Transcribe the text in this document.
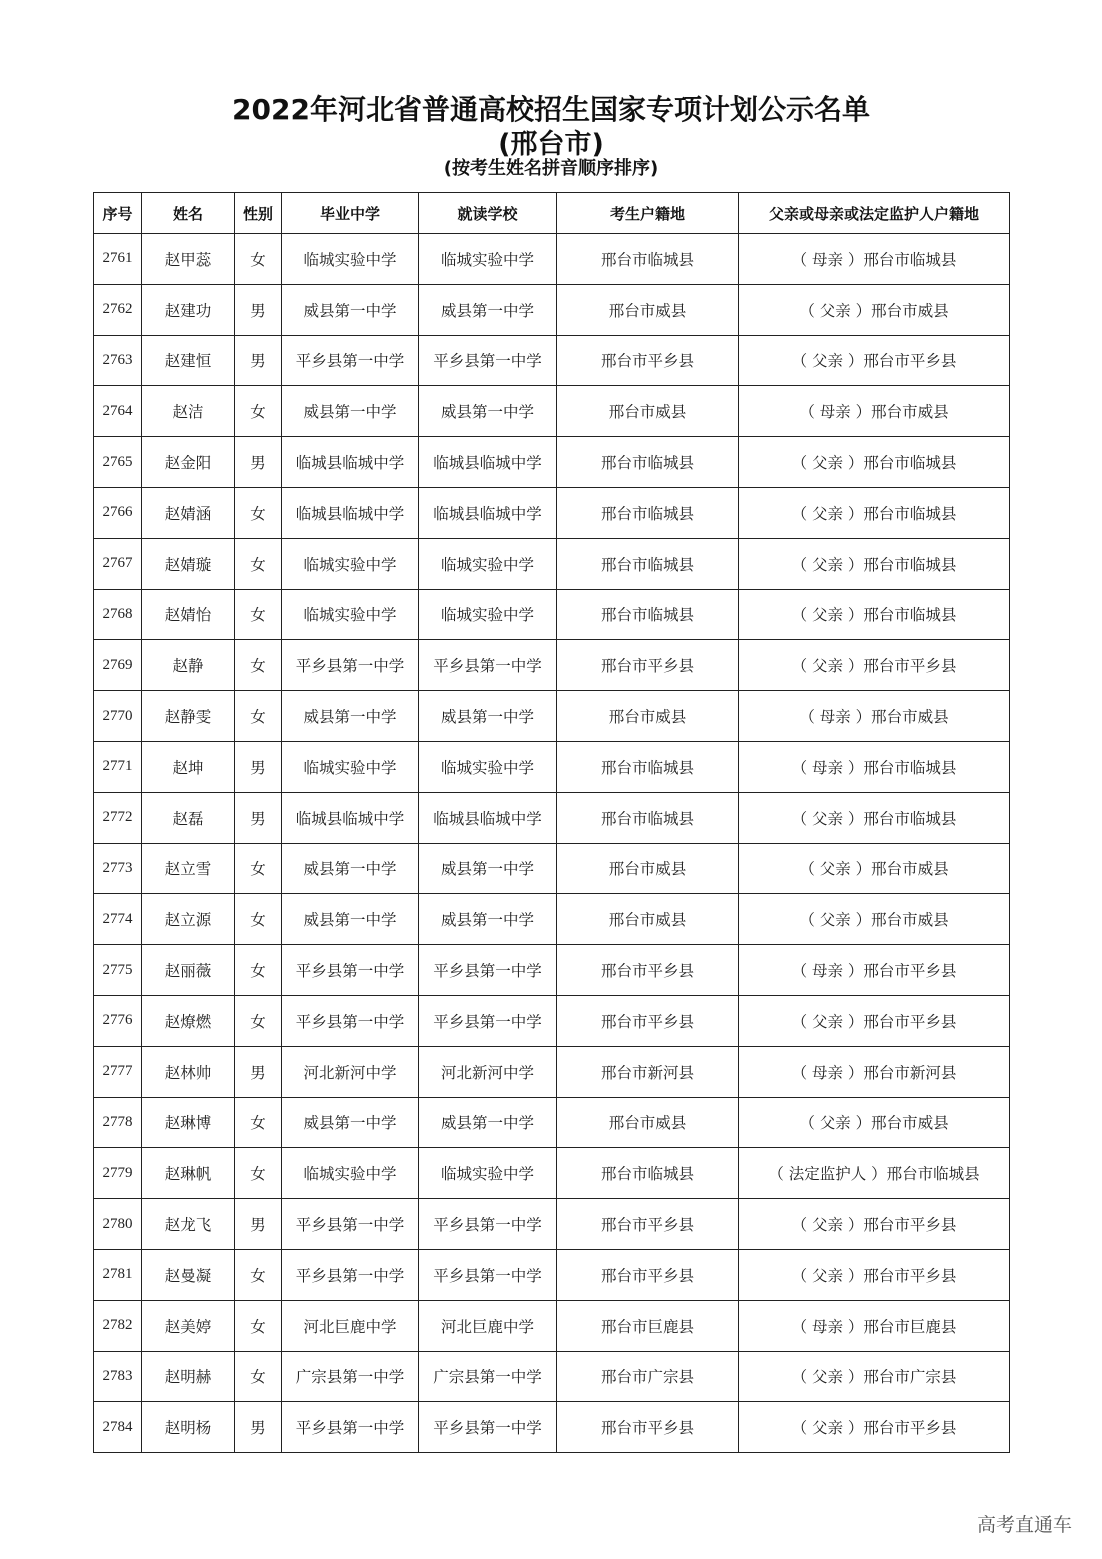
2022年河北省普通高校招生国家专项计划公示名单
(邢台市)
(按考生姓名拼音顺序排序)
序号	姓名	性别	毕业中学	就读学校	考生户籍地	父亲或母亲或法定监护人户籍地
2761	赵甲蕊	女	临城实验中学	临城实验中学	邢台市临城县	（ 母亲 ）邢台市临城县
2762	赵建功	男	威县第一中学	威县第一中学	邢台市威县	（ 父亲 ）邢台市威县
2763	赵建恒	男	平乡县第一中学	平乡县第一中学	邢台市平乡县	（ 父亲 ）邢台市平乡县
2764	赵洁	女	威县第一中学	威县第一中学	邢台市威县	（ 母亲 ）邢台市威县
2765	赵金阳	男	临城县临城中学	临城县临城中学	邢台市临城县	（ 父亲 ）邢台市临城县
2766	赵婧涵	女	临城县临城中学	临城县临城中学	邢台市临城县	（ 父亲 ）邢台市临城县
2767	赵婧璇	女	临城实验中学	临城实验中学	邢台市临城县	（ 父亲 ）邢台市临城县
2768	赵婧怡	女	临城实验中学	临城实验中学	邢台市临城县	（ 父亲 ）邢台市临城县
2769	赵静	女	平乡县第一中学	平乡县第一中学	邢台市平乡县	（ 父亲 ）邢台市平乡县
2770	赵静雯	女	威县第一中学	威县第一中学	邢台市威县	（ 母亲 ）邢台市威县
2771	赵坤	男	临城实验中学	临城实验中学	邢台市临城县	（ 母亲 ）邢台市临城县
2772	赵磊	男	临城县临城中学	临城县临城中学	邢台市临城县	（ 父亲 ）邢台市临城县
2773	赵立雪	女	威县第一中学	威县第一中学	邢台市威县	（ 父亲 ）邢台市威县
2774	赵立源	女	威县第一中学	威县第一中学	邢台市威县	（ 父亲 ）邢台市威县
2775	赵丽薇	女	平乡县第一中学	平乡县第一中学	邢台市平乡县	（ 母亲 ）邢台市平乡县
2776	赵燎燃	女	平乡县第一中学	平乡县第一中学	邢台市平乡县	（ 父亲 ）邢台市平乡县
2777	赵林帅	男	河北新河中学	河北新河中学	邢台市新河县	（ 母亲 ）邢台市新河县
2778	赵琳博	女	威县第一中学	威县第一中学	邢台市威县	（ 父亲 ）邢台市威县
2779	赵琳帆	女	临城实验中学	临城实验中学	邢台市临城县	（ 法定监护人 ）邢台市临城县
2780	赵龙飞	男	平乡县第一中学	平乡县第一中学	邢台市平乡县	（ 父亲 ）邢台市平乡县
2781	赵曼凝	女	平乡县第一中学	平乡县第一中学	邢台市平乡县	（ 父亲 ）邢台市平乡县
2782	赵美婷	女	河北巨鹿中学	河北巨鹿中学	邢台市巨鹿县	（ 母亲 ）邢台市巨鹿县
2783	赵明赫	女	广宗县第一中学	广宗县第一中学	邢台市广宗县	（ 父亲 ）邢台市广宗县
2784	赵明杨	男	平乡县第一中学	平乡县第一中学	邢台市平乡县	（ 父亲 ）邢台市平乡县
高考直通车
